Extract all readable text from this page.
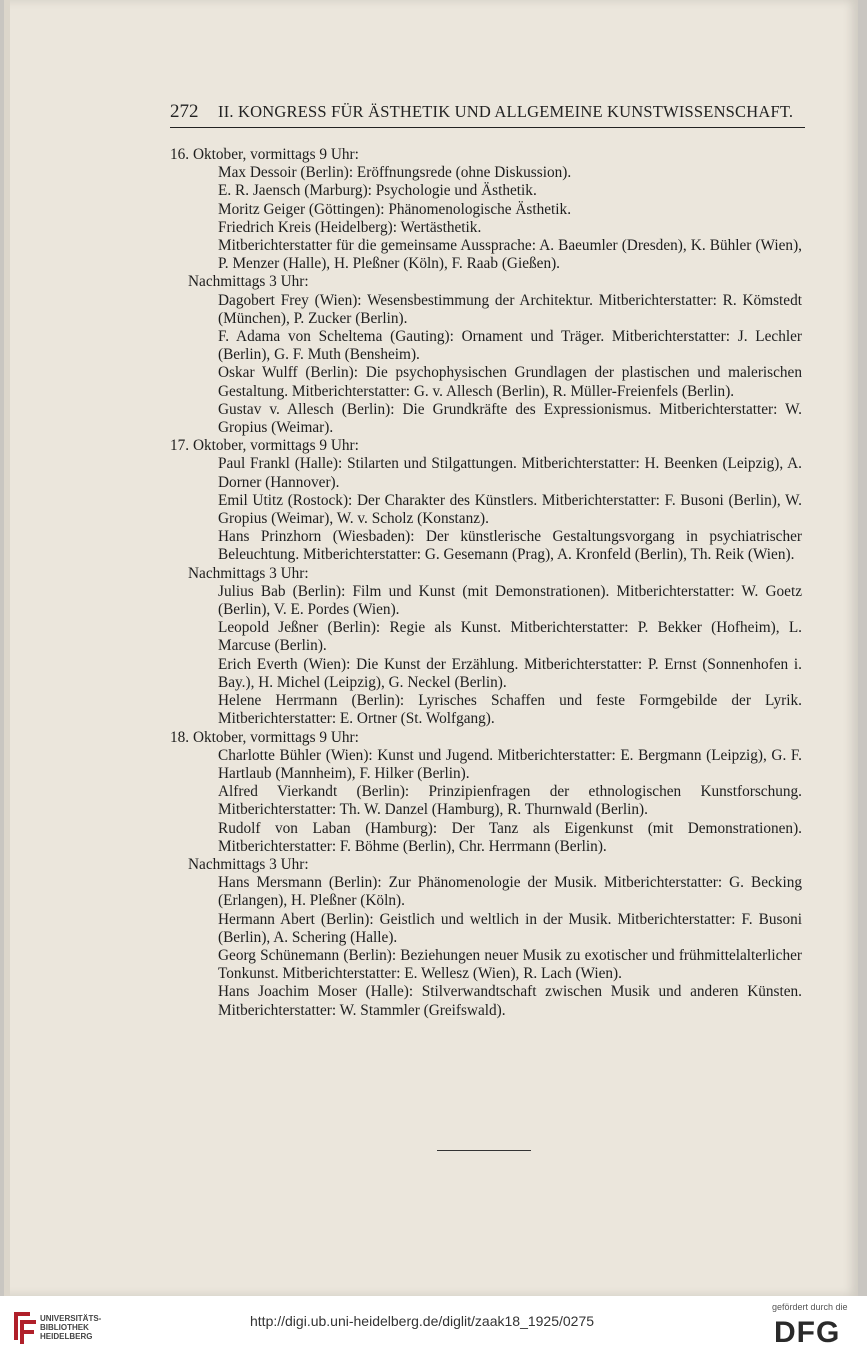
272 II. KONGRESS FÜR ÄSTHETIK UND ALLGEMEINE KUNSTWISSENSCHAFT.

16. Oktober, vormittags 9 Uhr:

Max Dessoir (Berlin): Eröffnungsrede (ohne Diskussion).

E. R. Jaensch (Marburg): Psychologie und Ästhetik.

Moritz Geiger (Göttingen): Phänomenologische Ästhetik.

Friedrich Kreis (Heidelberg): Wertästhetik.

Mitberichterstatter für die gemeinsame Aussprache: A. Baeumler (Dresden), K. Bühler (Wien), P. Menzer (Halle), H. Pleßner (Köln), F. Raab (Gießen).

Nachmittags 3 Uhr:

Dagobert Frey (Wien): Wesensbestimmung der Architektur. Mitberichterstatter: R. Kömstedt (München), P. Zucker (Berlin).

F. Adama von Scheltema (Gauting): Ornament und Träger. Mitberichterstatter: J. Lechler (Berlin), G. F. Muth (Bensheim).

Oskar Wulff (Berlin): Die psychophysischen Grundlagen der plastischen und malerischen Gestaltung. Mitberichterstatter: G. v. Allesch (Berlin), R. Müller-Freienfels (Berlin).

Gustav v. Allesch (Berlin): Die Grundkräfte des Expressionismus. Mitberichterstatter: W. Gropius (Weimar).

17. Oktober, vormittags 9 Uhr:

Paul Frankl (Halle): Stilarten und Stilgattungen. Mitberichterstatter: H. Beenken (Leipzig), A. Dorner (Hannover).

Emil Utitz (Rostock): Der Charakter des Künstlers. Mitberichterstatter: F. Busoni (Berlin), W. Gropius (Weimar), W. v. Scholz (Konstanz).

Hans Prinzhorn (Wiesbaden): Der künstlerische Gestaltungsvorgang in psychiatrischer Beleuchtung. Mitberichterstatter: G. Gesemann (Prag), A. Kronfeld (Berlin), Th. Reik (Wien).

Nachmittags 3 Uhr:

Julius Bab (Berlin): Film und Kunst (mit Demonstrationen). Mitberichterstatter: W. Goetz (Berlin), V. E. Pordes (Wien).

Leopold Jeßner (Berlin): Regie als Kunst. Mitberichterstatter: P. Bekker (Hofheim), L. Marcuse (Berlin).

Erich Everth (Wien): Die Kunst der Erzählung. Mitberichterstatter: P. Ernst (Sonnenhofen i. Bay.), H. Michel (Leipzig), G. Neckel (Berlin).

Helene Herrmann (Berlin): Lyrisches Schaffen und feste Formgebilde der Lyrik. Mitberichterstatter: E. Ortner (St. Wolfgang).

18. Oktober, vormittags 9 Uhr:

Charlotte Bühler (Wien): Kunst und Jugend. Mitberichterstatter: E. Bergmann (Leipzig), G. F. Hartlaub (Mannheim), F. Hilker (Berlin).

Alfred Vierkandt (Berlin): Prinzipienfragen der ethnologischen Kunstforschung. Mitberichterstatter: Th. W. Danzel (Hamburg), R. Thurnwald (Berlin).

Rudolf von Laban (Hamburg): Der Tanz als Eigenkunst (mit Demonstrationen). Mitberichterstatter: F. Böhme (Berlin), Chr. Herrmann (Berlin).

Nachmittags 3 Uhr:

Hans Mersmann (Berlin): Zur Phänomenologie der Musik. Mitberichterstatter: G. Becking (Erlangen), H. Pleßner (Köln).

Hermann Abert (Berlin): Geistlich und weltlich in der Musik. Mitberichterstatter: F. Busoni (Berlin), A. Schering (Halle).

Georg Schünemann (Berlin): Beziehungen neuer Musik zu exotischer und frühmittelalterlicher Tonkunst. Mitberichterstatter: E. Wellesz (Wien), R. Lach (Wien).

Hans Joachim Moser (Halle): Stilverwandtschaft zwischen Musik und anderen Künsten. Mitberichterstatter: W. Stammler (Greifswald).

UNIVERSITÄTS- BIBLIOTHEK HEIDELBERG
http://digi.ub.uni-heidelberg.de/diglit/zaak18_1925/0275
gefördert durch die
DFG
